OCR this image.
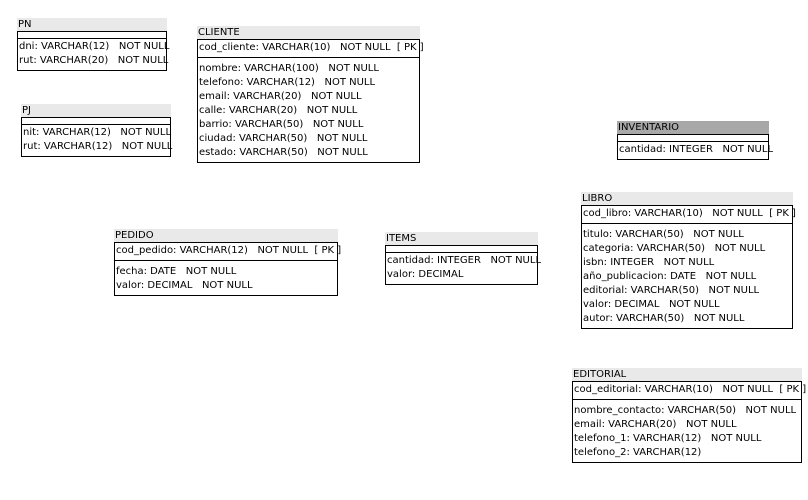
PN
dni: VARCHAR(12)   NOT NULL
rut: VARCHAR(20)   NOT NULL
PJ
nit: VARCHAR(12)   NOT NULL
rut: VARCHAR(12)   NOT NULL
CLIENTE
cod_cliente: VARCHAR(10)   NOT NULL  [ PK ]
nombre: VARCHAR(100)   NOT NULL
telefono: VARCHAR(12)   NOT NULL
email: VARCHAR(20)   NOT NULL
calle: VARCHAR(20)   NOT NULL
barrio: VARCHAR(50)   NOT NULL
ciudad: VARCHAR(50)   NOT NULL
estado: VARCHAR(50)   NOT NULL
INVENTARIO
cantidad: INTEGER   NOT NULL
LIBRO
cod_libro: VARCHAR(10)   NOT NULL  [ PK ]
titulo: VARCHAR(50)   NOT NULL
categoria: VARCHAR(50)   NOT NULL
isbn: INTEGER   NOT NULL
año_publicacion: DATE   NOT NULL
editorial: VARCHAR(50)   NOT NULL
valor: DECIMAL   NOT NULL
autor: VARCHAR(50)   NOT NULL
PEDIDO
cod_pedido: VARCHAR(12)   NOT NULL  [ PK ]
fecha: DATE   NOT NULL
valor: DECIMAL   NOT NULL
ITEMS
cantidad: INTEGER   NOT NULL
valor: DECIMAL
EDITORIAL
cod_editorial: VARCHAR(10)   NOT NULL  [ PK ]
nombre_contacto: VARCHAR(50)   NOT NULL
email: VARCHAR(20)   NOT NULL
telefono_1: VARCHAR(12)   NOT NULL
telefono_2: VARCHAR(12)
